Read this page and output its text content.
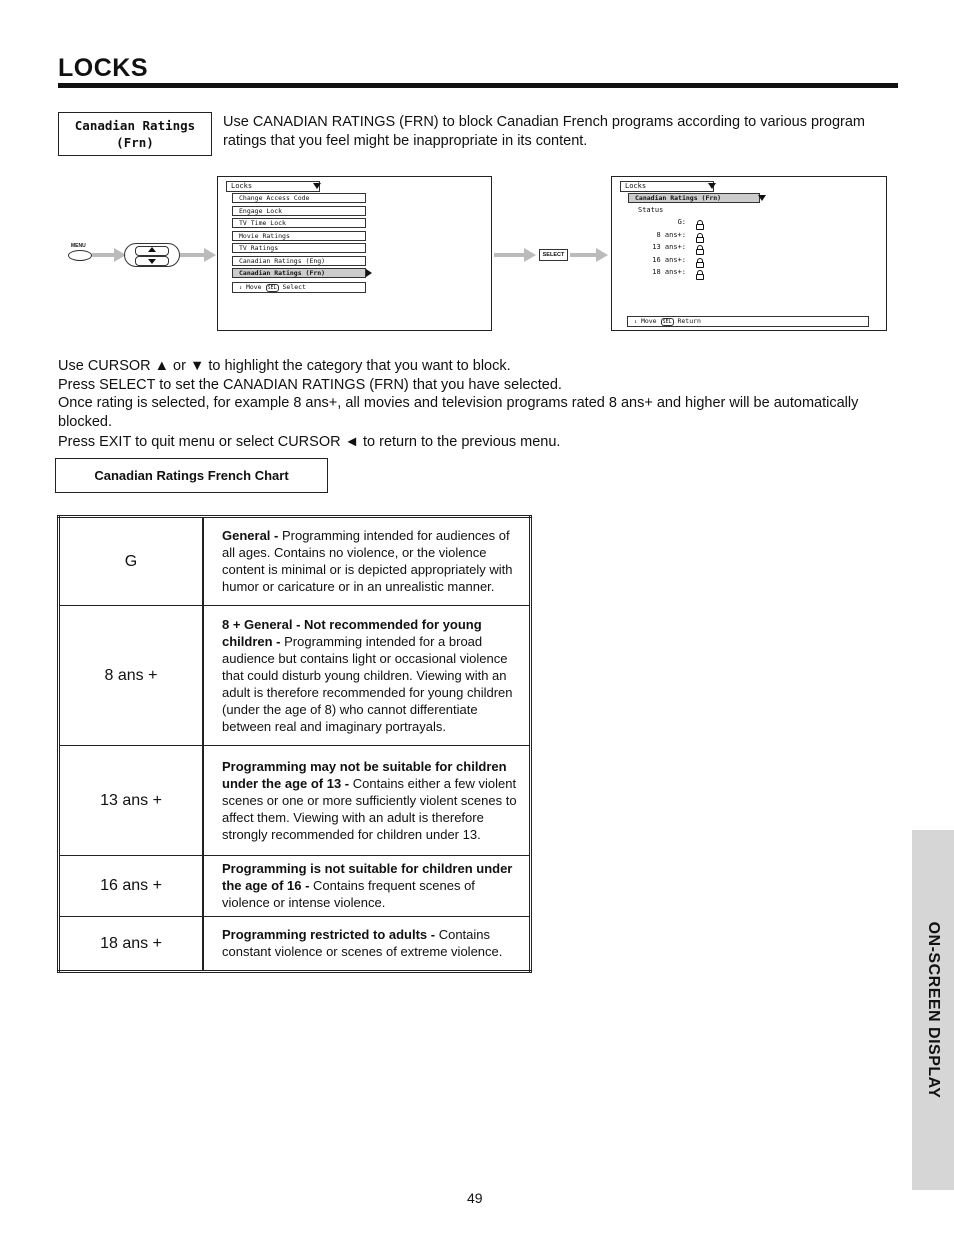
LOCKS
Canadian Ratings (Frn)
Use CANADIAN RATINGS (FRN) to block Canadian French programs according to various program ratings that you feel might be inappropriate in its content.
MENU
Locks
Change Access Code
Engage Lock
TV Time Lock
Movie Ratings
TV Ratings
Canadian Ratings (Eng)
Canadian Ratings (Frn)
↕ Move SEL Select
SELECT
Locks
Canadian Ratings (Frn)
Status
G:
8 ans+:
13 ans+:
16 ans+:
18 ans+:
↕ Move SEL Return

Use CURSOR ▲ or ▼ to highlight the category that you want to block.

Press SELECT to set the CANADIAN RATINGS (FRN) that you have selected.

Once rating is selected, for example 8 ans+, all movies and television programs rated 8 ans+ and higher will be automatically blocked.

Press EXIT to quit menu or select CURSOR ◄ to return to the previous menu.

Canadian Ratings French Chart
G	General - Programming intended for audiences of all ages. Contains no violence, or the violence content is minimal or is depicted appropriately with humor or caricature or in an unrealistic manner.
8 ans +	8 + General - Not recommended for young children - Programming intended for a broad audience but contains light or occasional violence that could disturb young children. Viewing with an adult is therefore recommended for young children (under the age of 8) who cannot differentiate between real and imaginary portrayals.
13 ans +	Programming may not be suitable for children under the age of 13 - Contains either a few violent scenes or one or more sufficiently violent scenes to affect them. Viewing with an adult is therefore strongly recommended for children under 13.
16 ans +	Programming is not suitable for children under the age of 16 - Contains frequent scenes of violence or intense violence.
18 ans +	Programming restricted to adults - Contains constant violence or scenes of extreme violence.	ON-SCREEN DISPLAY
49
